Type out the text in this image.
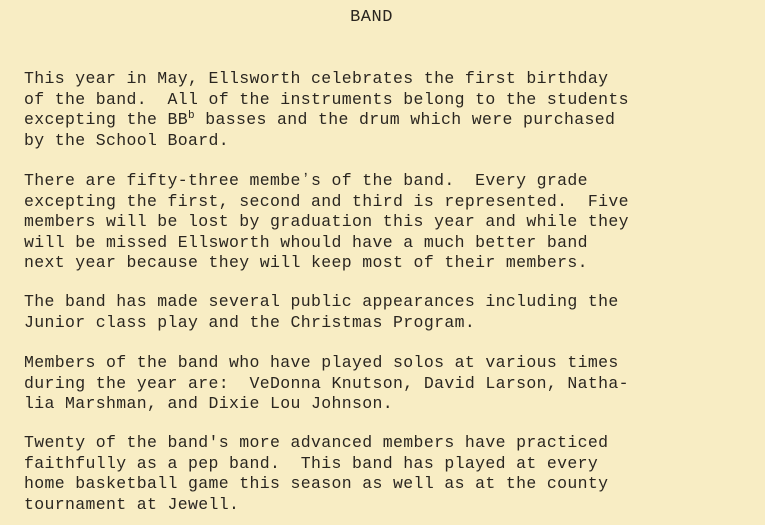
BAND
This year in May, Ellsworth celebrates the first birthday
of the band.  All of the instruments belong to the students
excepting the $BB^b$ basses and the drum which were purchased
by the School Board.
There are fifty-three membeʼs of the band.  Every grade
excepting the first, second and third is represented.  Five
members will be lost by graduation this year and while they
will be missed Ellsworth whould have a much better band
next year because they will keep most of their members.
The band has made several public appearances including the
Junior class play and the Christmas Program.
Members of the band who have played solos at various times
during the year are:  VeDonna Knutson, David Larson, Natha-
lia Marshman, and Dixie Lou Johnson.
Twenty of the band's more advanced members have practiced
faithfully as a pep band.  This band has played at every
home basketball game this season as well as at the county
tournament at Jewell.
